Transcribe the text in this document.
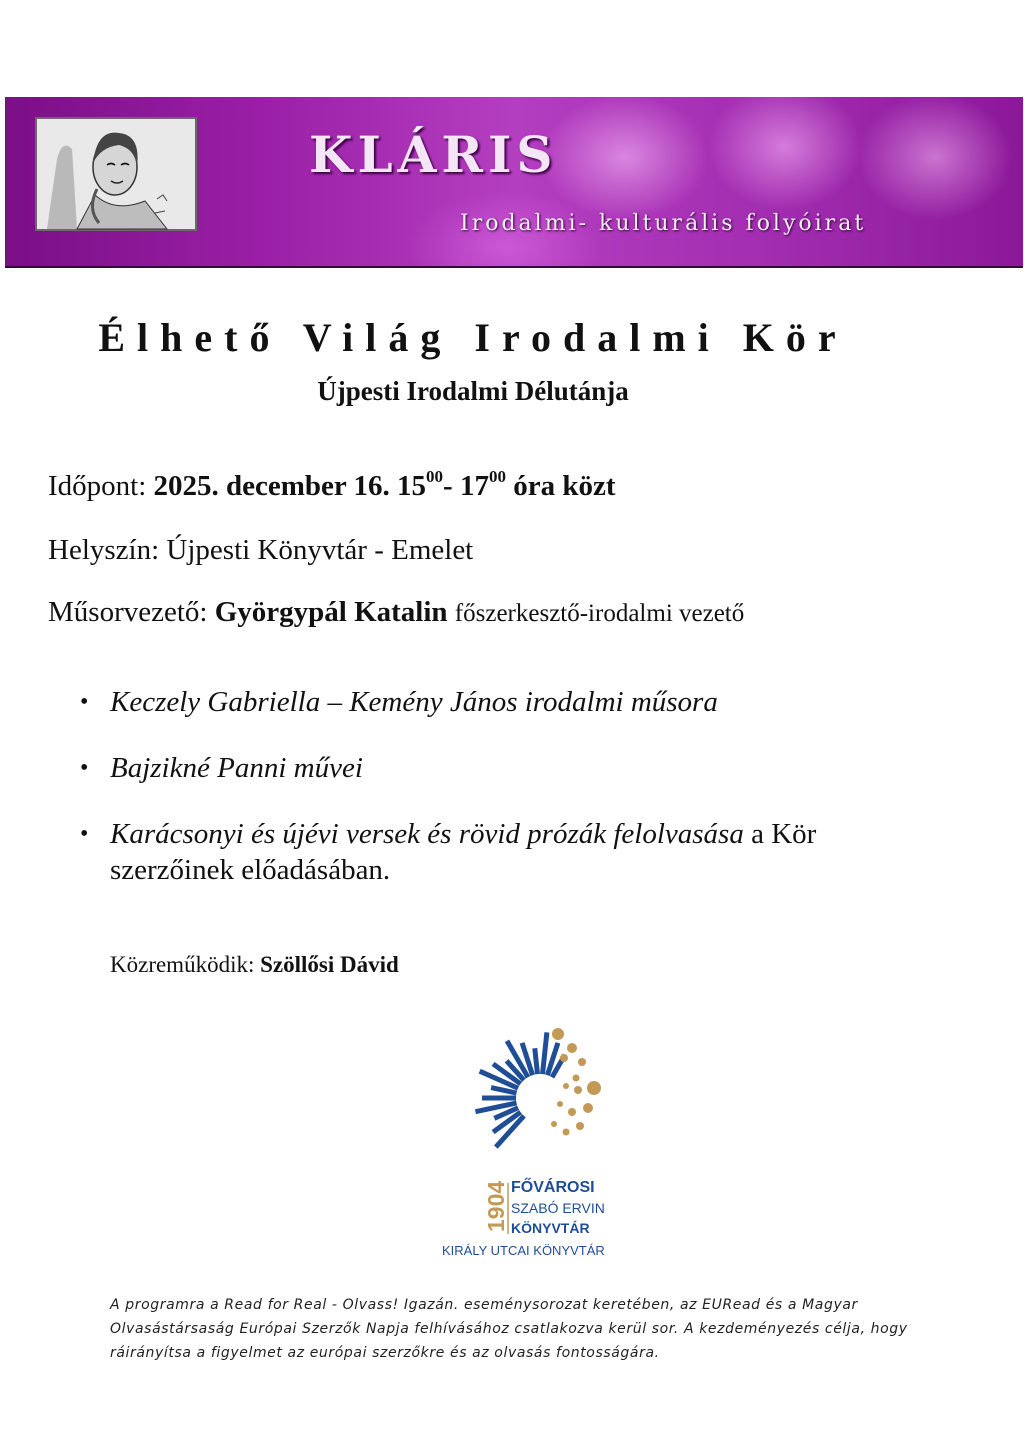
KLÁRIS
Irodalmi- kulturális folyóirat
Élhető Világ Irodalmi Kör
Újpesti Irodalmi Délutánja

Időpont: 2025. december 16. $15^{00}-$ $17^{00}$ óra közt

Helyszín: Újpesti Könyvtár - Emelet

Műsorvezető: Györgypál Katalin főszerkesztő-irodalmi vezető

• Keczely Gabriella – Kemény János irodalmi műsora
• Bajzikné Panni művei
• Karácsonyi és újévi versek és rövid prózák felolvasása a Kör szerzőinek előadásában.

Közreműködik: Szöllősi Dávid

1904 FŐVÁROSI
SZABÓ ERVIN
KÖNYVTÁR
KIRÁLY UTCAI KÖNYVTÁR

A programra a Read for Real - Olvass! Igazán. eseménysorozat keretében, az EURead és a Magyar Olvasástársaság Európai Szerzők Napja felhívásához csatlakozva kerül sor. A kezdeményezés célja, hogy ráirányítsa a figyelmet az európai szerzőkre és az olvasás fontosságára.
